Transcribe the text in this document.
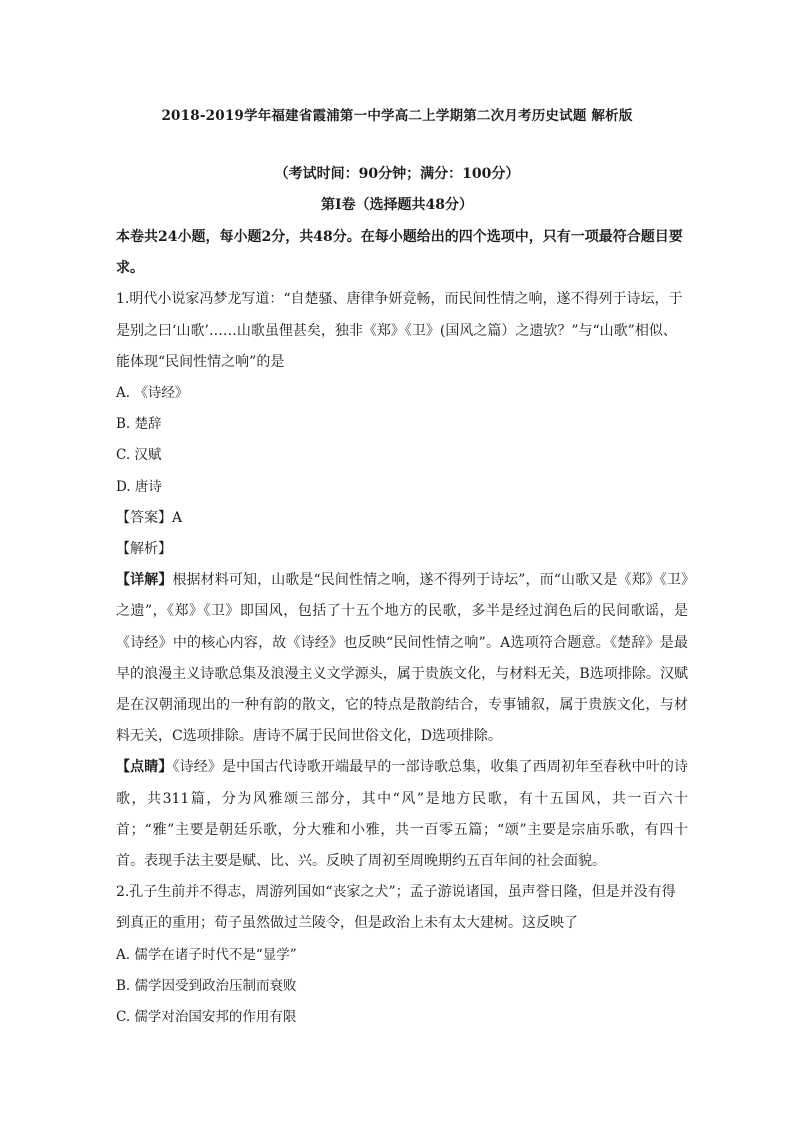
2018-2019学年福建省霞浦第一中学高二上学期第二次月考历史试题 解析版
（考试时间：90分钟；满分：100分）
第Ⅰ卷（选择题共48分）

本卷共24小题，每小题2分，共48分。在每小题给出的四个选项中，只有一项最符合题目要求。

1.明代小说家冯梦龙写道：“自楚骚、唐律争妍竞畅，而民间性情之响，遂不得列于诗坛，于是别之曰‘山歌’……山歌虽俚甚矣，独非《郑》《卫》(国风之篇）之遗欤？”与“山歌”相似、能体现“民间性情之响”的是

A. 《诗经》

B. 楚辞

C. 汉赋

D. 唐诗

【答案】A

【解析】

【详解】根据材料可知，山歌是“民间性情之响，遂不得列于诗坛”，而“山歌又是《郑》《卫》之遗”，《郑》《卫》即国风，包括了十五个地方的民歌，多半是经过润色后的民间歌谣，是《诗经》中的核心内容，故《诗经》也反映“民间性情之响”。A选项符合题意。《楚辞》是最早的浪漫主义诗歌总集及浪漫主义文学源头，属于贵族文化，与材料无关，B选项排除。汉赋是在汉朝涌现出的一种有韵的散文，它的特点是散韵结合，专事铺叙，属于贵族文化，与材料无关，C选项排除。唐诗不属于民间世俗文化，D选项排除。

【点睛】《诗经》是中国古代诗歌开端最早的一部诗歌总集，收集了西周初年至春秋中叶的诗歌，共311篇，分为风雅颂三部分，其中“风”是地方民歌，有十五国风，共一百六十首；“雅”主要是朝廷乐歌，分大雅和小雅，共一百零五篇；“颂”主要是宗庙乐歌，有四十首。表现手法主要是赋、比、兴。反映了周初至周晚期约五百年间的社会面貌。

2.孔子生前并不得志，周游列国如“丧家之犬”；孟子游说诸国，虽声誉日隆，但是并没有得到真正的重用；荀子虽然做过兰陵令，但是政治上未有太大建树。这反映了

A. 儒学在诸子时代不是“显学”

B. 儒学因受到政治压制而衰败

C. 儒学对治国安邦的作用有限
